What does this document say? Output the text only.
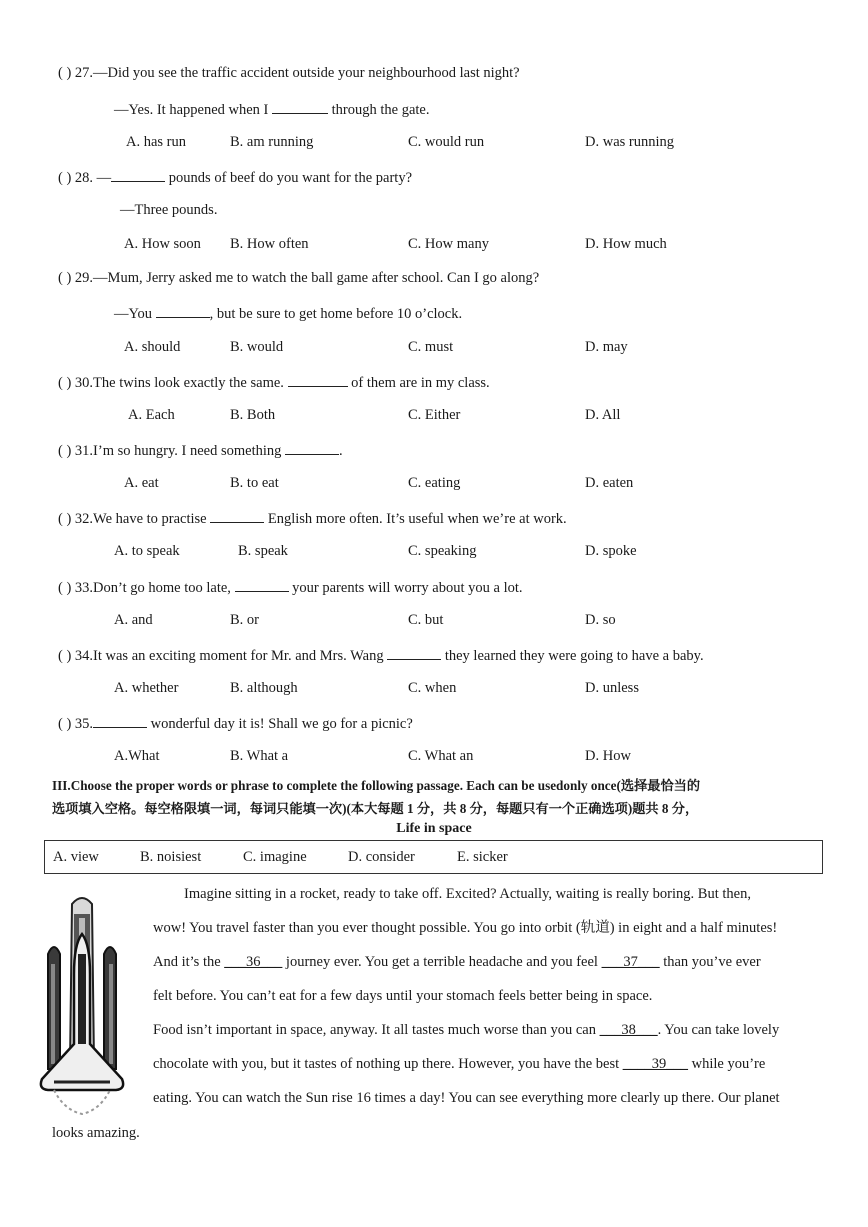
( ) 27.—Did you see the traffic accident outside your neighbourhood last night?
—Yes. It happened when I	through the gate.
A. has run	B. am running	C. would run	D. was running
( ) 28. —	pounds of beef do you want for the party?
—Three pounds.
A. How soon B. How often	C. How many	D. How much
( ) 29.—Mum, Jerry asked me to watch the ball game after school. Can I go along?
—You	, but be sure to get home before 10 o’clock.
A. should	B. would	C. must	D. may
( ) 30.The twins look exactly the same.	of them are in my class.
A. Each	B. Both	C. Either	D. All
( ) 31.I’m so hungry. I need something	.
A. eat	B. to eat	C. eating	D. eaten
( ) 32.We have to practise	English more often. It’s useful when we’re at work.
A. to speak	B. speak	C. speaking	D. spoke
( ) 33.Don’t go home too late,	your parents will worry about you a lot.
A. and	B. or	C. but	D. so
( ) 34.It was an exciting moment for Mr. and Mrs. Wang	they learned they were going to have a baby.
A. whether	B. although	C. when	D. unless
( ) 35.	wonderful day it is! Shall we go for a picnic?
A.What	B. What a	C. What an	D. How
III.Choose the proper words or phrase to complete the following passage. Each can be usedonly once(选择最恰当的
选项填入空格。每空格限填一词，每词只能填一次)(本大每题 1 分，共 8 分，每题只有一个正确选项)题共 8 分，
Life in space
A. view	B. noisiest	C. imagine	D. consider	E. sicker
Imagine sitting in a rocket, ready to take off. Excited? Actually, waiting is really boring. But then,
wow! You travel faster than you ever thought possible. You go into orbit (轨道) in eight and a half minutes!
And it’s the ___36___ journey ever. You get a terrible headache and you feel ___37___ than you’ve ever
felt before. You can’t eat for a few days until your stomach feels better being in space.
Food isn’t important in space, anyway. It all tastes much worse than you can ___38___. You can take lovely
chocolate with you, but it tastes of nothing up there. However, you have the best ____39___ while you’re
eating. You can watch the Sun rise 16 times a day! You can see everything more clearly up there. Our planet
looks amazing.
